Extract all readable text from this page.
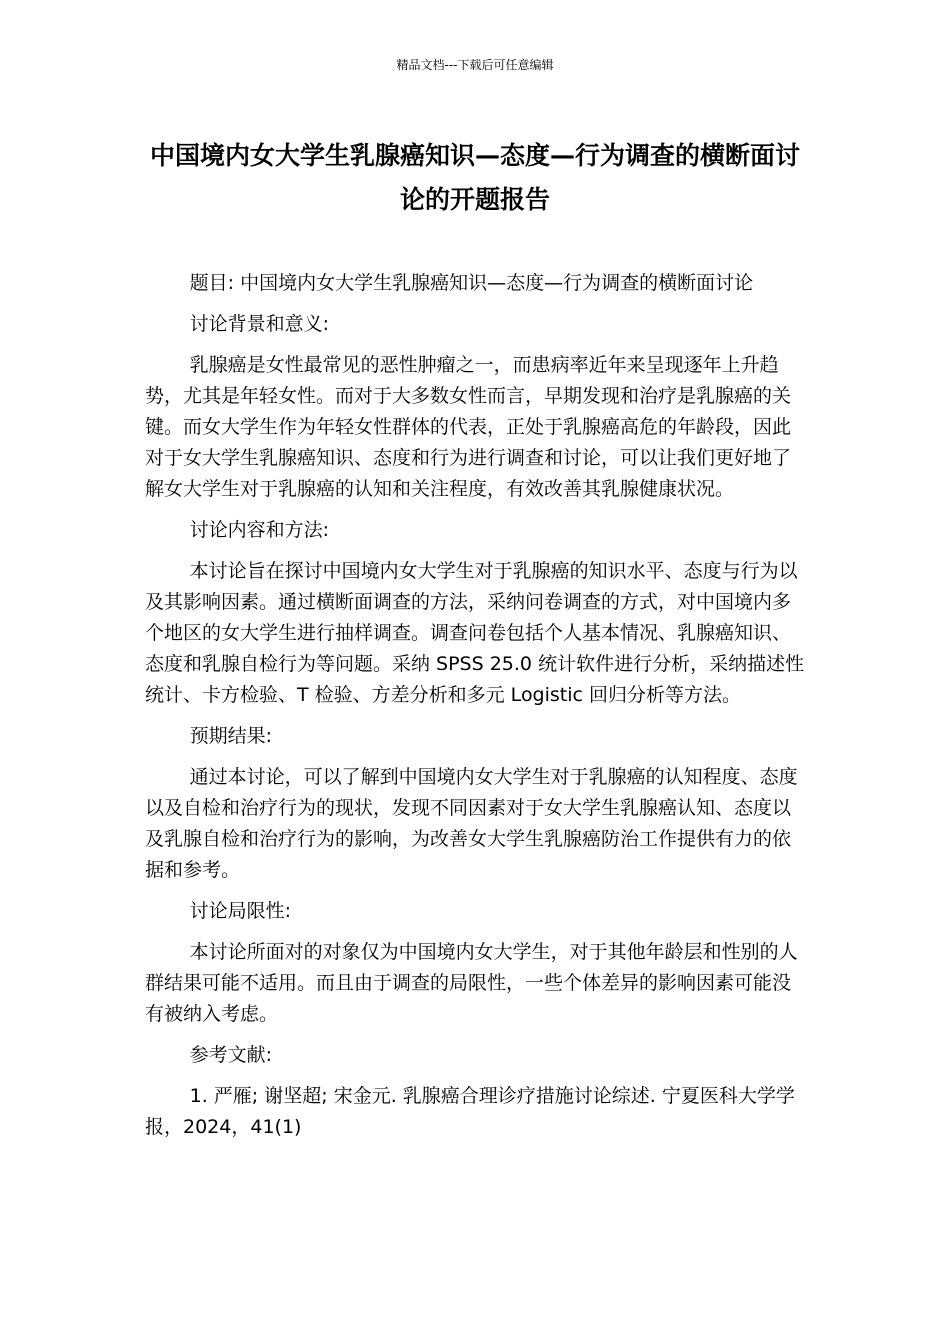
精品文档---下载后可任意编辑
中国境内女大学生乳腺癌知识—态度—行为调查的横断面讨论的开题报告

题目: 中国境内女大学生乳腺癌知识—态度—行为调查的横断面讨论

讨论背景和意义:

乳腺癌是女性最常见的恶性肿瘤之一，而患病率近年来呈现逐年上升趋势，尤其是年轻女性。而对于大多数女性而言，早期发现和治疗是乳腺癌的关键。而女大学生作为年轻女性群体的代表，正处于乳腺癌高危的年龄段，因此对于女大学生乳腺癌知识、态度和行为进行调查和讨论，可以让我们更好地了解女大学生对于乳腺癌的认知和关注程度，有效改善其乳腺健康状况。

讨论内容和方法:

本讨论旨在探讨中国境内女大学生对于乳腺癌的知识水平、态度与行为以及其影响因素。通过横断面调查的方法，采纳问卷调查的方式，对中国境内多个地区的女大学生进行抽样调查。调查问卷包括个人基本情况、乳腺癌知识、态度和乳腺自检行为等问题。采纳 SPSS 25.0 统计软件进行分析，采纳描述性统计、卡方检验、T 检验、方差分析和多元 Logistic 回归分析等方法。

预期结果:

通过本讨论，可以了解到中国境内女大学生对于乳腺癌的认知程度、态度以及自检和治疗行为的现状，发现不同因素对于女大学生乳腺癌认知、态度以及乳腺自检和治疗行为的影响，为改善女大学生乳腺癌防治工作提供有力的依据和参考。

讨论局限性:

本讨论所面对的对象仅为中国境内女大学生，对于其他年龄层和性别的人群结果可能不适用。而且由于调查的局限性，一些个体差异的影响因素可能没有被纳入考虑。

参考文献:

1. 严雁; 谢坚超; 宋金元. 乳腺癌合理诊疗措施讨论综述. 宁夏医科大学学报，2024，41(1)
